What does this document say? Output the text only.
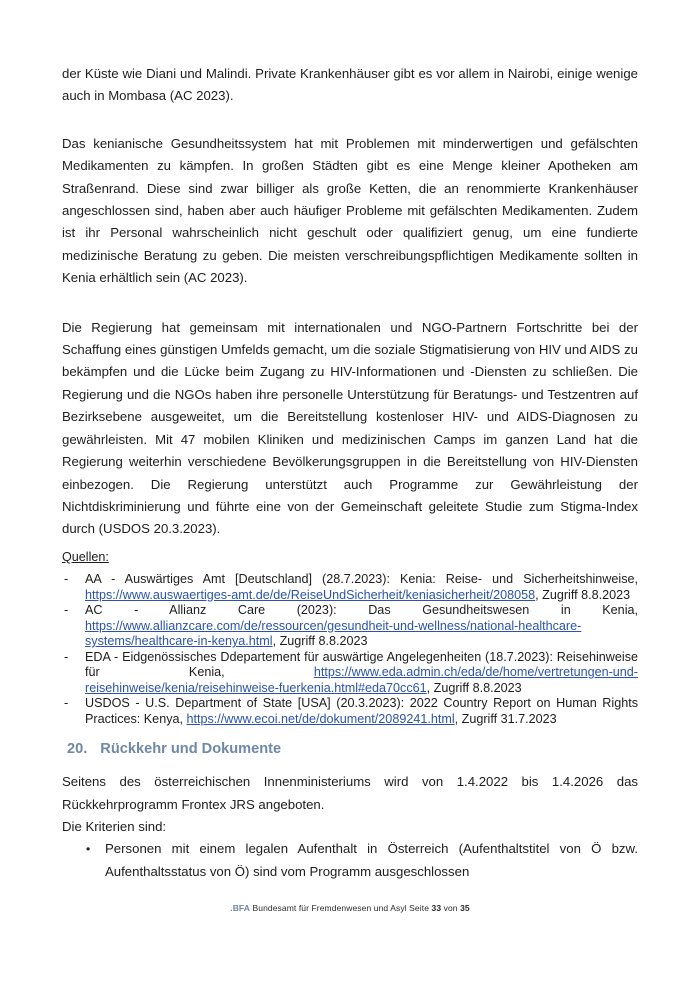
der Küste wie Diani und Malindi. Private Krankenhäuser gibt es vor allem in Nairobi, einige wenige auch in Mombasa (AC 2023).

Das kenianische Gesundheitssystem hat mit Problemen mit minderwertigen und gefälschten Medikamenten zu kämpfen. In großen Städten gibt es eine Menge kleiner Apotheken am Straßenrand. Diese sind zwar billiger als große Ketten, die an renommierte Krankenhäuser angeschlossen sind, haben aber auch häufiger Probleme mit gefälschten Medikamenten. Zudem ist ihr Personal wahrscheinlich nicht geschult oder qualifiziert genug, um eine fundierte medizinische Beratung zu geben. Die meisten verschreibungspflichtigen Medikamente sollten in Kenia erhältlich sein (AC 2023).

Die Regierung hat gemeinsam mit internationalen und NGO-Partnern Fortschritte bei der Schaffung eines günstigen Umfelds gemacht, um die soziale Stigmatisierung von HIV und AIDS zu bekämpfen und die Lücke beim Zugang zu HIV-Informationen und -Diensten zu schließen. Die Regierung und die NGOs haben ihre personelle Unterstützung für Beratungs- und Testzentren auf Bezirksebene ausgeweitet, um die Bereitstellung kostenloser HIV- und AIDS-Diagnosen zu gewährleisten. Mit 47 mobilen Kliniken und medizinischen Camps im ganzen Land hat die Regierung weiterhin verschiedene Bevölkerungsgruppen in die Bereitstellung von HIV-Diensten einbezogen. Die Regierung unterstützt auch Programme zur Gewährleistung der Nichtdiskriminierung und führte eine von der Gemeinschaft geleitete Studie zum Stigma-Index durch (USDOS 20.3.2023).

Quellen:

- AA - Auswärtiges Amt [Deutschland] (28.7.2023): Kenia: Reise- und Sicherheitshinweise, https://www.auswaertiges-amt.de/de/ReiseUndSicherheit/keniasicherheit/208058, Zugriff 8.8.2023
- AC - Allianz Care (2023): Das Gesundheitswesen in Kenia, https://www.allianzcare.com/de/ressourcen/gesundheit-und-wellness/national-healthcare-systems/healthcare-in-kenya.html, Zugriff 8.8.2023
- EDA - Eidgenössisches Ddepartement für auswärtige Angelegenheiten (18.7.2023): Reisehinweise für Kenia, https://www.eda.admin.ch/eda/de/home/vertretungen-und-reisehinweise/kenia/reisehinweise-fuerkenia.html#eda70cc61, Zugriff 8.8.2023
- USDOS - U.S. Department of State [USA] (20.3.2023): 2022 Country Report on Human Rights Practices: Kenya, https://www.ecoi.net/de/dokument/2089241.html, Zugriff 31.7.2023
20. Rückkehr und Dokumente

Seitens des österreichischen Innenministeriums wird von 1.4.2022 bis 1.4.2026 das Rückkehrprogramm Frontex JRS angeboten.

Die Kriterien sind:

• Personen mit einem legalen Aufenthalt in Österreich (Aufenthaltstitel von Ö bzw. Aufenthaltsstatus von Ö) sind vom Programm ausgeschlossen
.BFA Bundesamt für Fremdenwesen und Asyl Seite 33 von 35
